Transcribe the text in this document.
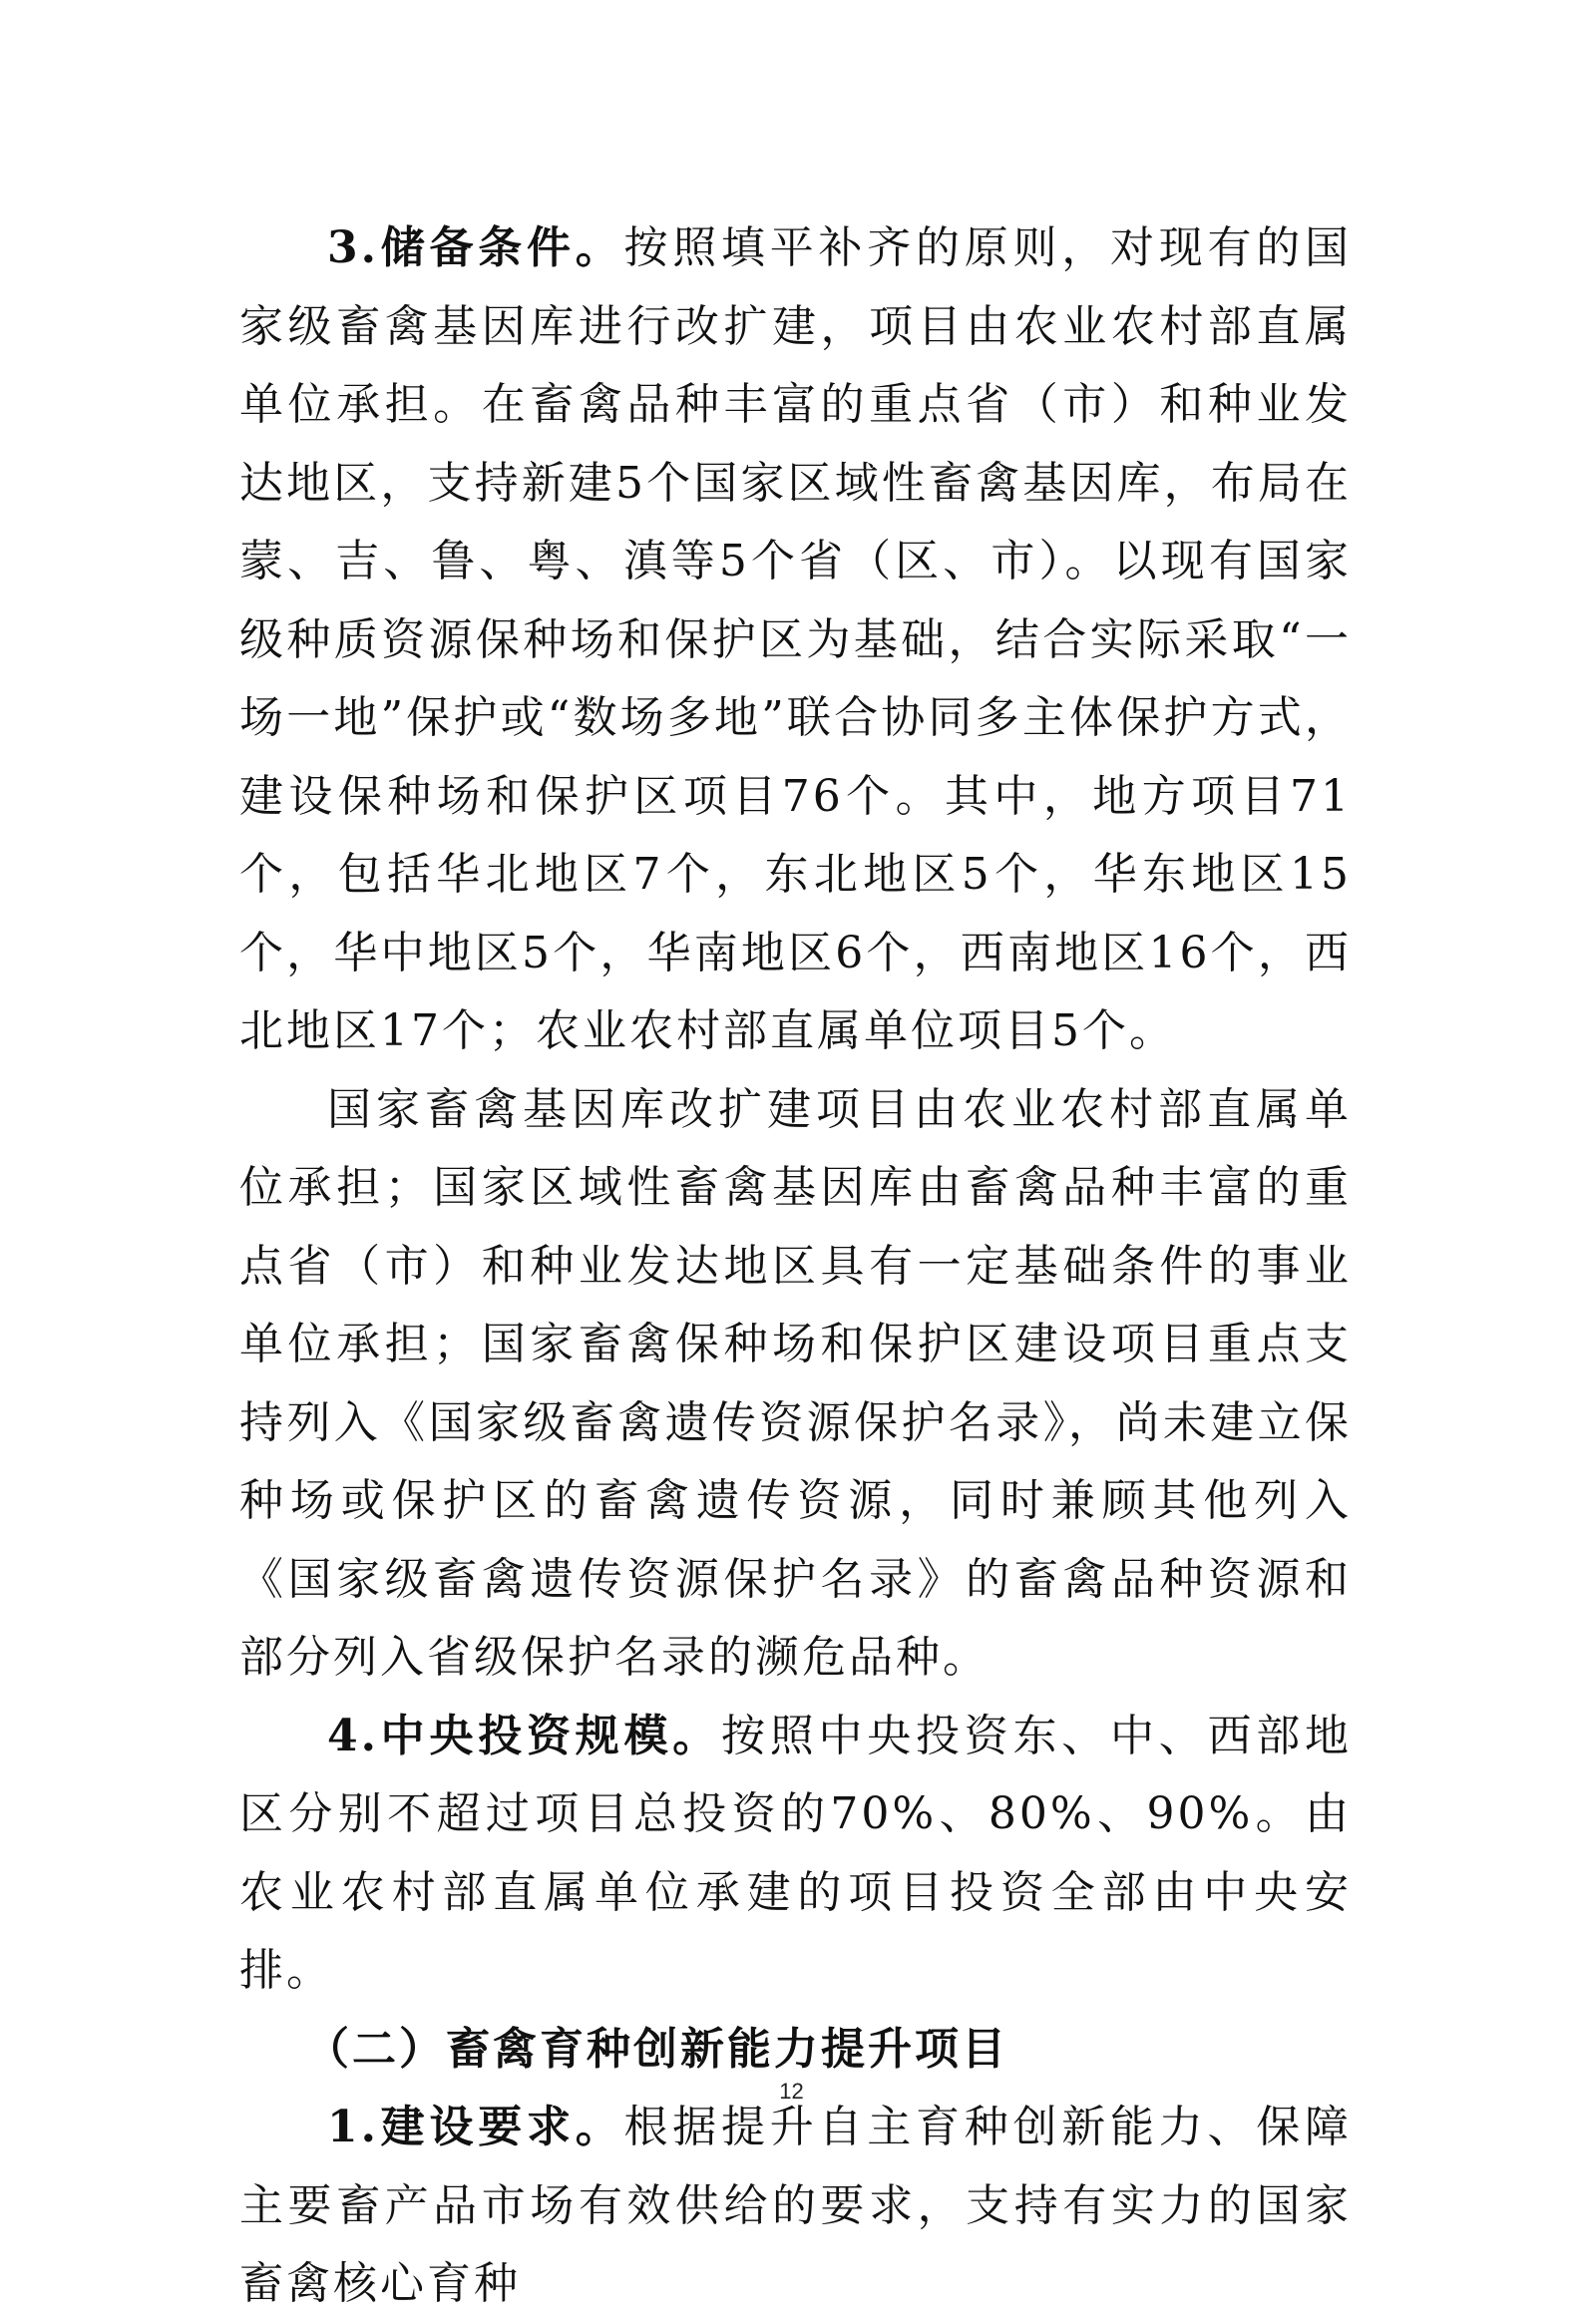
3.储备条件。按照填平补齐的原则，对现有的国家级畜禽基因库进行改扩建，项目由农业农村部直属单位承担。在畜禽品种丰富的重点省（市）和种业发达地区，支持新建5个国家区域性畜禽基因库，布局在蒙、吉、鲁、粤、滇等5个省（区、市）。以现有国家级种质资源保种场和保护区为基础，结合实际采取“一场一地”保护或“数场多地”联合协同多主体保护方式，建设保种场和保护区项目76个。其中，地方项目71个，包括华北地区7个，东北地区5个，华东地区15个，华中地区5个，华南地区6个，西南地区16个，西北地区17个；农业农村部直属单位项目5个。

国家畜禽基因库改扩建项目由农业农村部直属单位承担；国家区域性畜禽基因库由畜禽品种丰富的重点省（市）和种业发达地区具有一定基础条件的事业单位承担；国家畜禽保种场和保护区建设项目重点支持列入《国家级畜禽遗传资源保护名录》，尚未建立保种场或保护区的畜禽遗传资源，同时兼顾其他列入《国家级畜禽遗传资源保护名录》的畜禽品种资源和部分列入省级保护名录的濒危品种。

4.中央投资规模。按照中央投资东、中、西部地区分别不超过项目总投资的70%、80%、90%。由农业农村部直属单位承建的项目投资全部由中央安排。

（二）畜禽育种创新能力提升项目

1.建设要求。根据提升自主育种创新能力、保障主要畜产品市场有效供给的要求，支持有实力的国家畜禽核心育种

12
